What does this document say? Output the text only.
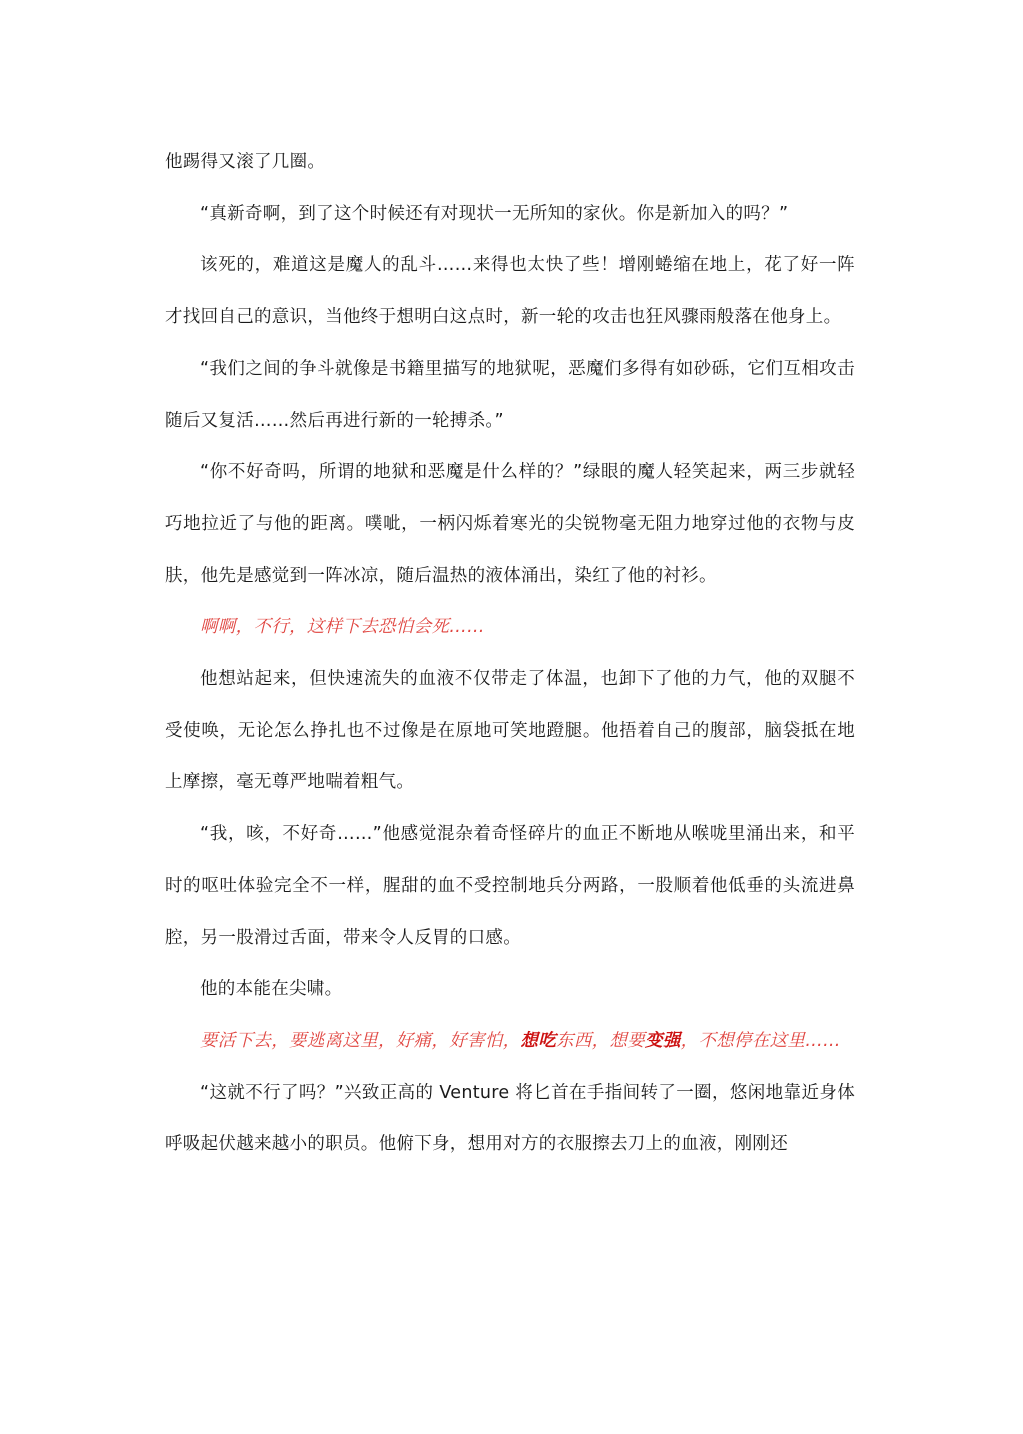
他踢得又滚了几圈。

“真新奇啊，到了这个时候还有对现状一无所知的家伙。你是新加入的吗？”

该死的，难道这是魔人的乱斗……来得也太快了些！增刚蜷缩在地上，花了好一阵才找回自己的意识，当他终于想明白这点时，新一轮的攻击也狂风骤雨般落在他身上。

“我们之间的争斗就像是书籍里描写的地狱呢，恶魔们多得有如砂砾，它们互相攻击随后又复活……然后再进行新的一轮搏杀。”

“你不好奇吗，所谓的地狱和恶魔是什么样的？”绿眼的魔人轻笑起来，两三步就轻巧地拉近了与他的距离。噗呲，一柄闪烁着寒光的尖锐物毫无阻力地穿过他的衣物与皮肤，他先是感觉到一阵冰凉，随后温热的液体涌出，染红了他的衬衫。

啊啊，不行，这样下去恐怕会死……

他想站起来，但快速流失的血液不仅带走了体温，也卸下了他的力气，他的双腿不受使唤，无论怎么挣扎也不过像是在原地可笑地蹬腿。他捂着自己的腹部，脑袋抵在地上摩擦，毫无尊严地喘着粗气。

“我，咳，不好奇……”他感觉混杂着奇怪碎片的血正不断地从喉咙里涌出来，和平时的呕吐体验完全不一样，腥甜的血不受控制地兵分两路，一股顺着他低垂的头流进鼻腔，另一股滑过舌面，带来令人反胃的口感。

他的本能在尖啸。

要活下去，要逃离这里，好痛，好害怕，想吃东西，想要变强，不想停在这里……

“这就不行了吗？”兴致正高的 Venture 将匕首在手指间转了一圈，悠闲地靠近身体呼吸起伏越来越小的职员。他俯下身，想用对方的衣服擦去刀上的血液，刚刚还
